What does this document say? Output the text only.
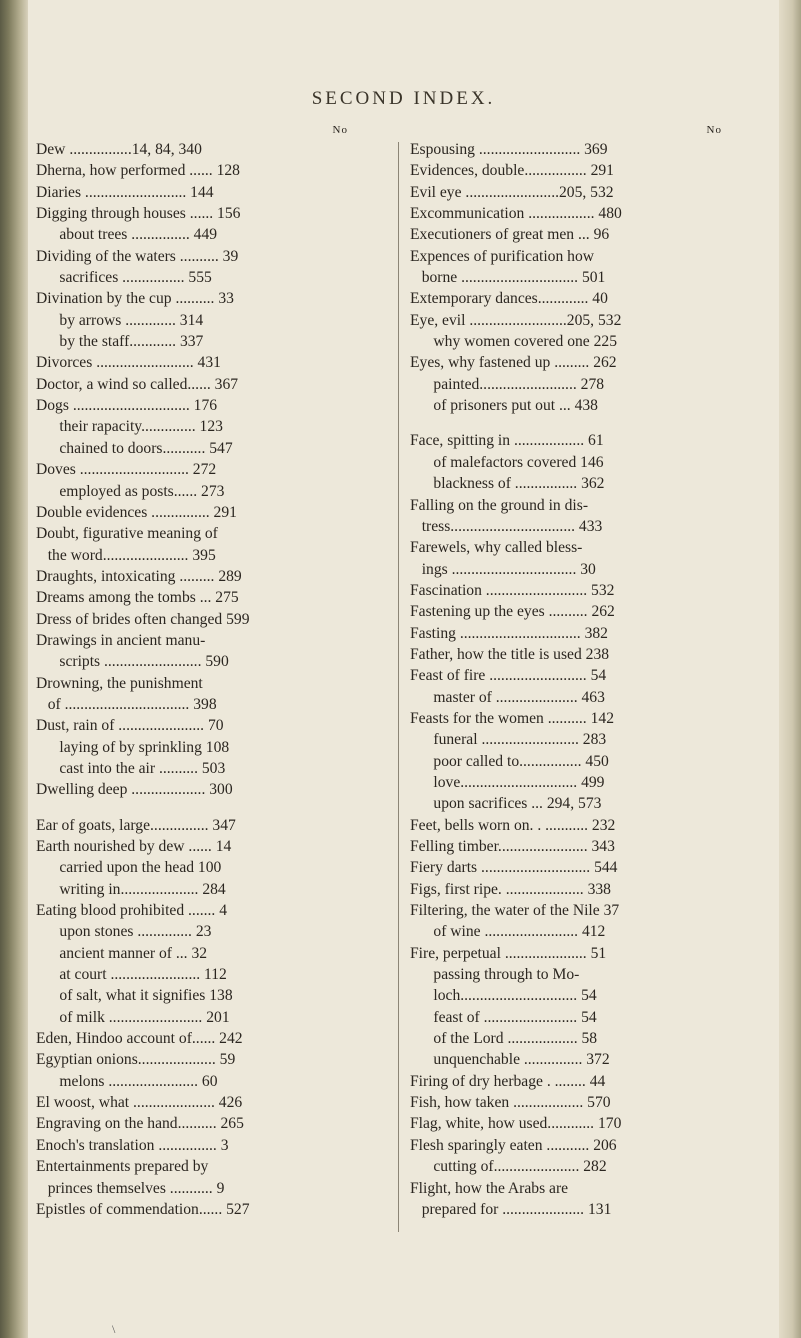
SECOND INDEX.
No
Dew ................14, 84, 340
Dherna, how performed ...... 128
Diaries .......................... 144
Digging through houses ...... 156
about trees ............... 449
Dividing of the waters .......... 39
sacrifices ................ 555
Divination by the cup .......... 33
by arrows ............. 314
by the staff............ 337
Divorces ......................... 431
Doctor, a wind so called...... 367
Dogs .............................. 176
their rapacity.............. 123
chained to doors........... 547
Doves ............................ 272
employed as posts...... 273
Double evidences ............... 291
Doubt, figurative meaning of
the word...................... 395
Draughts, intoxicating ......... 289
Dreams among the tombs ... 275
Dress of brides often changed 599
Drawings in ancient manu-
scripts ......................... 590
Drowning, the punishment
of ................................ 398
Dust, rain of ...................... 70
laying of by sprinkling 108
cast into the air .......... 503
Dwelling deep ................... 300
Ear of goats, large............... 347
Earth nourished by dew ...... 14
carried upon the head 100
writing in.................... 284
Eating blood prohibited ....... 4
upon stones .............. 23
ancient manner of ... 32
at court ....................... 112
of salt, what it signifies 138
of milk ........................ 201
Eden, Hindoo account of...... 242
Egyptian onions.................... 59
melons ....................... 60
El woost, what ..................... 426
Engraving on the hand.......... 265
Enoch's translation ............... 3
Entertainments prepared by
princes themselves ........... 9
Epistles of commendation...... 527
No
Espousing .......................... 369
Evidences, double................ 291
Evil eye ........................205, 532
Excommunication ................. 480
Executioners of great men ... 96
Expences of purification how
borne .............................. 501
Extemporary dances............. 40
Eye, evil .........................205, 532
why women covered one 225
Eyes, why fastened up ......... 262
painted......................... 278
of prisoners put out ... 438
Face, spitting in .................. 61
of malefactors covered 146
blackness of ................ 362
Falling on the ground in dis-
tress................................ 433
Farewels, why called bless-
ings ................................ 30
Fascination .......................... 532
Fastening up the eyes .......... 262
Fasting ............................... 382
Father, how the title is used 238
Feast of fire ......................... 54
master of ..................... 463
Feasts for the women .......... 142
funeral ......................... 283
poor called to................ 450
love.............................. 499
upon sacrifices ... 294, 573
Feet, bells worn on. . ........... 232
Felling timber....................... 343
Fiery darts ............................ 544
Figs, first ripe. .................... 338
Filtering, the water of the Nile 37
of wine ........................ 412
Fire, perpetual ..................... 51
passing through to Mo-
loch.............................. 54
feast of ........................ 54
of the Lord .................. 58
unquenchable ............... 372
Firing of dry herbage . ........ 44
Fish, how taken .................. 570
Flag, white, how used............ 170
Flesh sparingly eaten ........... 206
cutting of...................... 282
Flight, how the Arabs are
prepared for ..................... 131
\
